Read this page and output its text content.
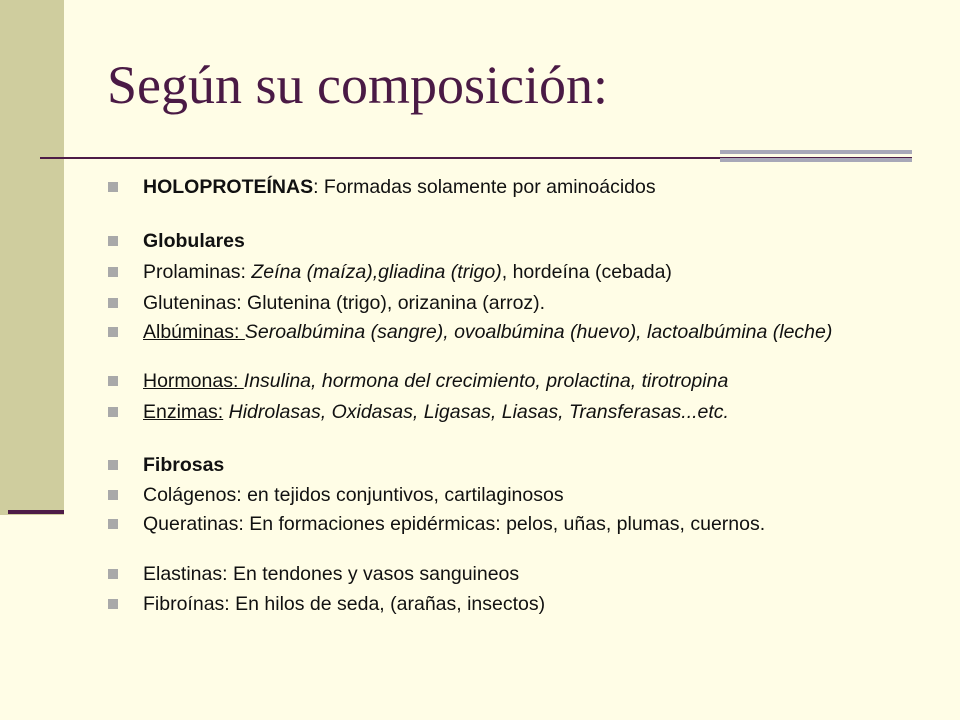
Según su composición:
HOLOPROTEÍNAS: Formadas solamente por aminoácidos
Globulares
Prolaminas: Zeína (maíza),gliadina (trigo), hordeína (cebada)
Gluteninas: Glutenina (trigo), orizanina (arroz).
Albúminas: Seroalbúmina (sangre), ovoalbúmina (huevo), lactoalbúmina (leche)
Hormonas: Insulina, hormona del crecimiento, prolactina, tirotropina
Enzimas: Hidrolasas, Oxidasas, Ligasas, Liasas, Transferasas...etc.
Fibrosas
Colágenos: en tejidos conjuntivos, cartilaginosos
Queratinas: En formaciones epidérmicas: pelos, uñas, plumas, cuernos.
Elastinas: En tendones y vasos sanguineos
Fibroínas: En hilos de seda, (arañas, insectos)
